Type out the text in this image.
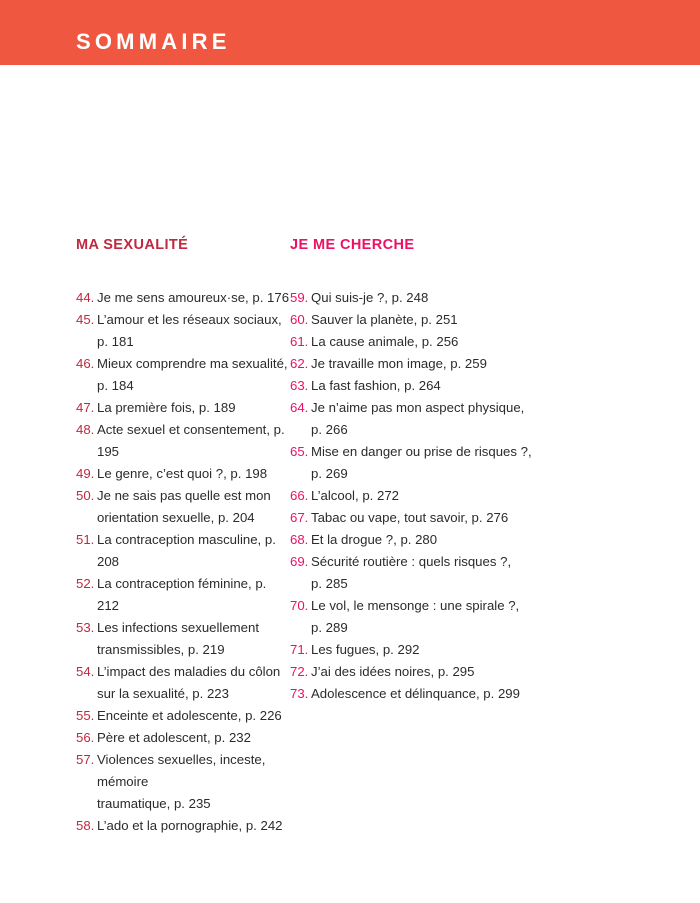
SOMMAIRE
MA SEXUALITÉ
44. Je me sens amoureux·se, p. 176
45. L’amour et les réseaux sociaux, p. 181
46. Mieux comprendre ma sexualité,
p. 184
47. La première fois, p. 189
48. Acte sexuel et consentement, p. 195
49. Le genre, c’est quoi ?, p. 198
50. Je ne sais pas quelle est mon
orientation sexuelle, p. 204
51. La contraception masculine, p. 208
52. La contraception féminine, p. 212
53. Les infections sexuellement
transmissibles, p. 219
54. L’impact des maladies du côlon
sur la sexualité, p. 223
55. Enceinte et adolescente, p. 226
56. Père et adolescent, p. 232
57. Violences sexuelles, inceste, mémoire
traumatique, p. 235
58. L’ado et la pornographie, p. 242
JE ME CHERCHE
59. Qui suis-je ?, p. 248
60. Sauver la planète, p. 251
61. La cause animale, p. 256
62. Je travaille mon image, p. 259
63. La fast fashion, p. 264
64. Je n’aime pas mon aspect physique,
p. 266
65. Mise en danger ou prise de risques ?,
p. 269
66. L’alcool, p. 272
67. Tabac ou vape, tout savoir, p. 276
68. Et la drogue ?, p. 280
69. Sécurité routière : quels risques ?,
p. 285
70. Le vol, le mensonge : une spirale ?,
p. 289
71. Les fugues, p. 292
72. J’ai des idées noires, p. 295
73. Adolescence et délinquance, p. 299
